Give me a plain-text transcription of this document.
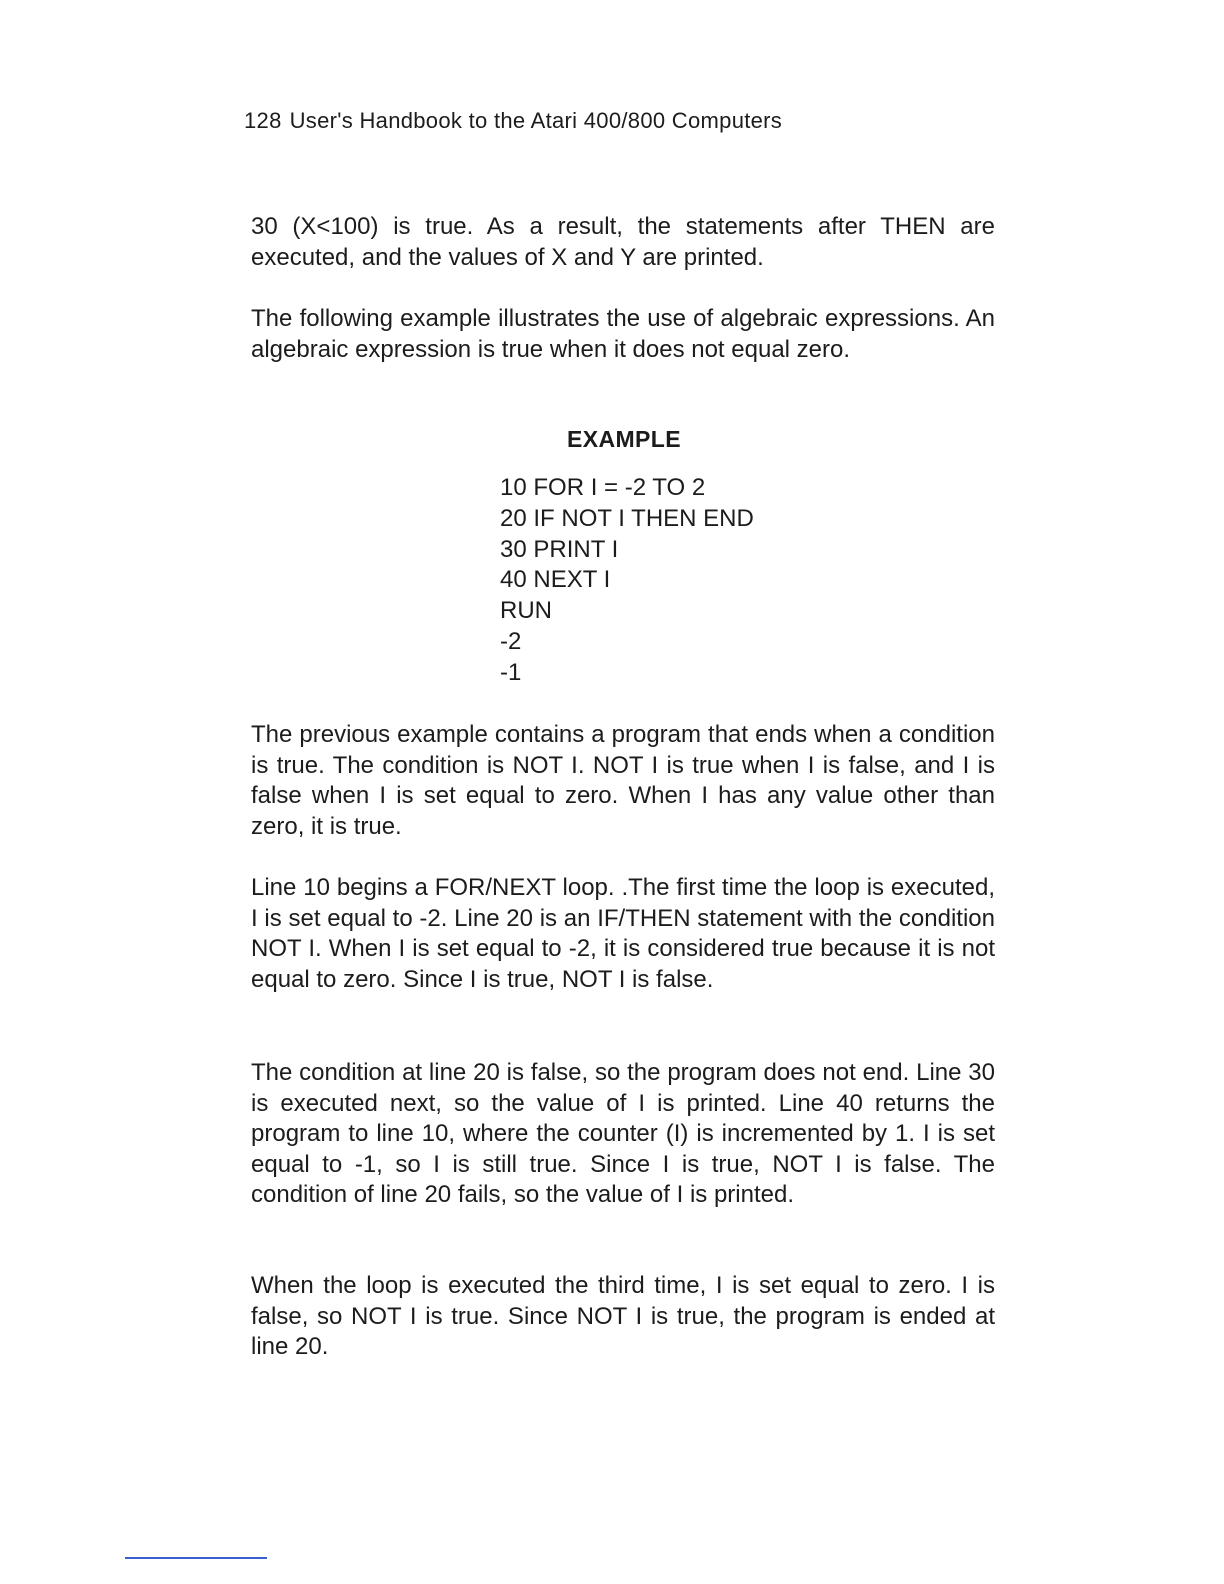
128 User's Handbook to the Atari 400/800 Computers

30 (X<100) is true. As a result, the statements after THEN are executed, and the values of X and Y are printed.

The following example illustrates the use of algebraic expressions. An algebraic expression is true when it does not equal zero.

EXAMPLE

10 FOR I = -2 TO 2
20 IF NOT I THEN END
30 PRINT I
40 NEXT I
RUN
-2
-1

The previous example contains a program that ends when a condition is true. The condition is NOT I. NOT I is true when I is false, and I is false when I is set equal to zero. When I has any value other than zero, it is true.

Line 10 begins a FOR/NEXT loop. .The first time the loop is executed, I is set equal to -2. Line 20 is an IF/THEN statement with the condition NOT I. When I is set equal to -2, it is considered true because it is not equal to zero. Since I is true, NOT I is false.

The condition at line 20 is false, so the program does not end. Line 30 is executed next, so the value of I is printed. Line 40 returns the program to line 10, where the counter (I) is incremented by 1. I is set equal to -1, so I is still true. Since I is true, NOT I is false. The condition of line 20 fails, so the value of I is printed.

When the loop is executed the third time, I is set equal to zero. I is false, so NOT I is true. Since NOT I is true, the program is ended at line 20.
